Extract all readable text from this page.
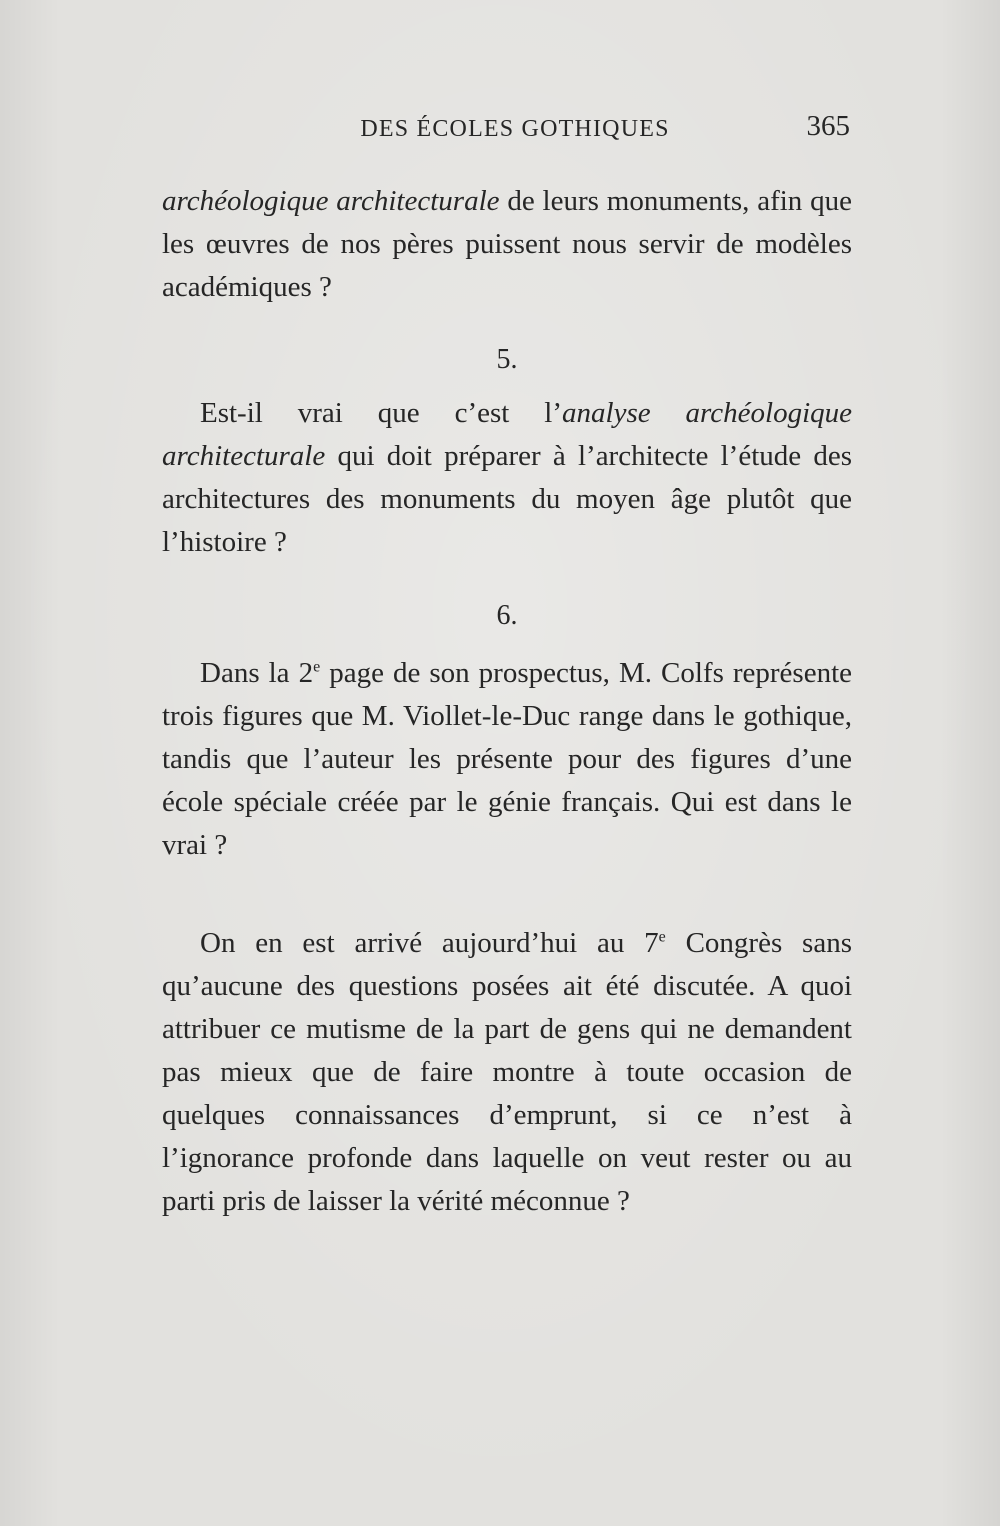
DES ÉCOLES GOTHIQUES	365

archéologique architecturale de leurs monuments, afin que les œuvres de nos pères puissent nous servir de modèles académiques ?

5.

Est-il vrai que c’est l’analyse archéologique architecturale qui doit préparer à l’architecte l’étude des architectures des monuments du moyen âge plutôt que l’histoire ?

6.

Dans la 2e page de son prospectus, M. Colfs représente trois figures que M. Viollet-le-Duc range dans le gothique, tandis que l’auteur les présente pour des figures d’une école spéciale créée par le génie français. Qui est dans le vrai ?

On en est arrivé aujourd’hui au 7e Congrès sans qu’aucune des questions posées ait été discutée. A quoi attribuer ce mutisme de la part de gens qui ne demandent pas mieux que de faire montre à toute occasion de quelques connaissances d’emprunt, si ce n’est à l’ignorance profonde dans laquelle on veut rester ou au parti pris de laisser la vérité méconnue ?
